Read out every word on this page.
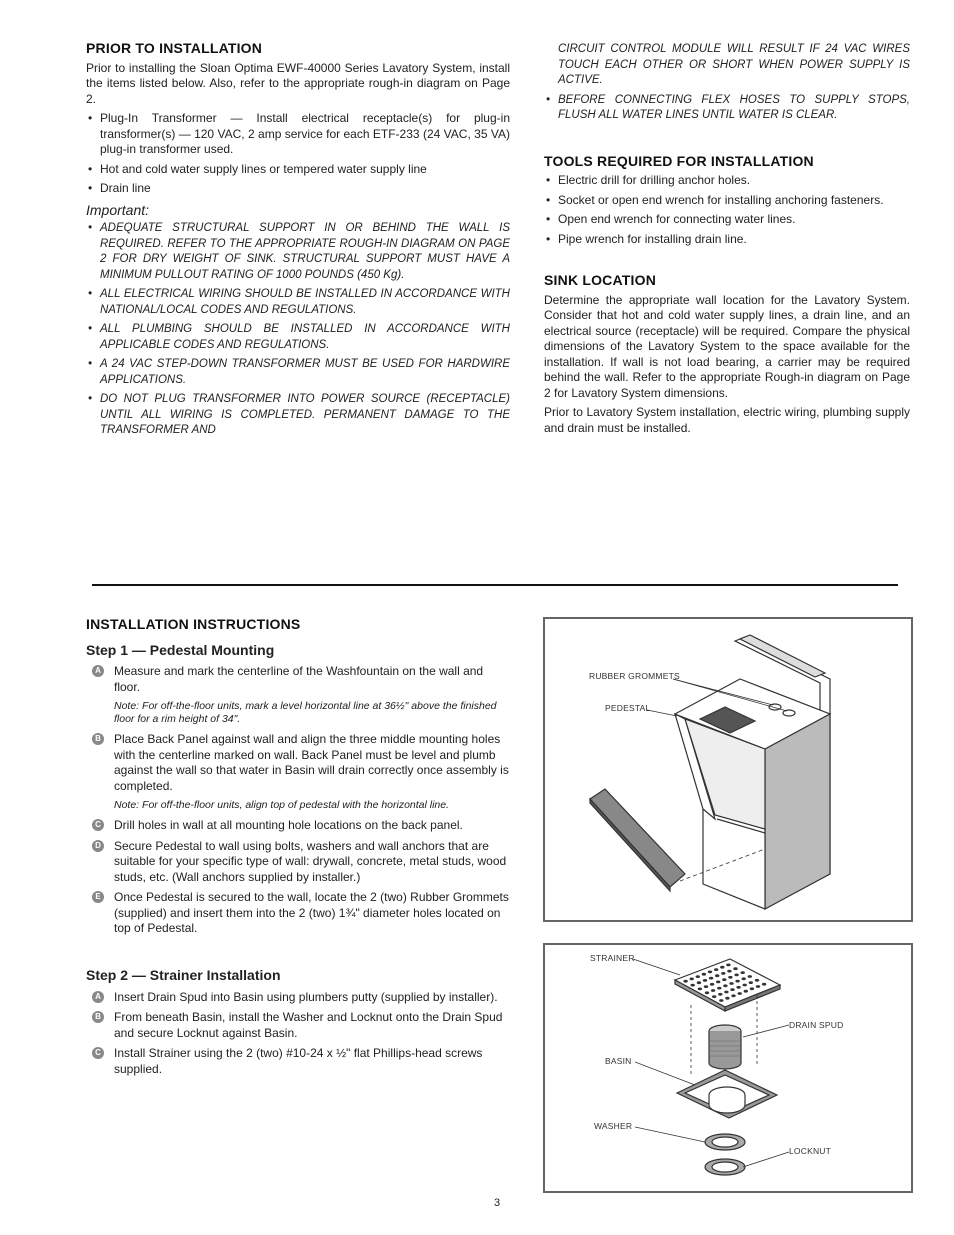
PRIOR TO INSTALLATION
Prior to installing the Sloan Optima EWF-40000 Series Lavatory System, install the items listed below. Also, refer to the appropriate rough-in diagram on Page 2.
• Plug-In Transformer — Install electrical receptacle(s) for plug-in transformer(s) — 120 VAC, 2 amp service for each ETF-233 (24 VAC, 35 VA) plug-in transformer used.
• Hot and cold water supply lines or tempered water supply line
• Drain line
Important:
• ADEQUATE STRUCTURAL SUPPORT IN OR BEHIND THE WALL IS REQUIRED. REFER TO THE APPROPRIATE ROUGH-IN DIAGRAM ON PAGE 2 FOR DRY WEIGHT OF SINK. STRUCTURAL SUPPORT MUST HAVE A MINIMUM PULLOUT RATING OF 1000 POUNDS (450 Kg).
• ALL ELECTRICAL WIRING SHOULD BE INSTALLED IN ACCORDANCE WITH NATIONAL/LOCAL CODES AND REGULATIONS.
• ALL PLUMBING SHOULD BE INSTALLED IN ACCORDANCE WITH APPLICABLE CODES AND REGULATIONS.
• A 24 VAC STEP-DOWN TRANSFORMER MUST BE USED FOR HARDWIRE APPLICATIONS.
• DO NOT PLUG TRANSFORMER INTO POWER SOURCE (RECEPTACLE) UNTIL ALL WIRING IS COMPLETED. PERMANENT DAMAGE TO THE TRANSFORMER AND
CIRCUIT CONTROL MODULE WILL RESULT IF 24 VAC WIRES TOUCH EACH OTHER OR SHORT WHEN POWER SUPPLY IS ACTIVE.
• BEFORE CONNECTING FLEX HOSES TO SUPPLY STOPS, FLUSH ALL WATER LINES UNTIL WATER IS CLEAR.
TOOLS REQUIRED FOR INSTALLATION
• Electric drill for drilling anchor holes.
• Socket or open end wrench for installing anchoring fasteners.
• Open end wrench for connecting water lines.
• Pipe wrench for installing drain line.
SINK LOCATION
Determine the appropriate wall location for the Lavatory System. Consider that hot and cold water supply lines, a drain line, and an electrical source (receptacle) will be required. Compare the physical dimensions of the Lavatory System to the space available for the installation. If wall is not load bearing, a carrier may be required behind the wall. Refer to the appropriate Rough-in diagram on Page 2 for Lavatory System dimensions.
Prior to Lavatory System installation, electric wiring, plumbing supply and drain must be installed.
INSTALLATION INSTRUCTIONS
Step 1 — Pedestal Mounting
A Measure and mark the centerline of the Washfountain on the wall and floor.
Note: For off-the-floor units, mark a level horizontal line at 36½" above the finished floor for a rim height of 34".
B Place Back Panel against wall and align the three middle mounting holes with the centerline marked on wall. Back Panel must be level and plumb against the wall so that water in Basin will drain correctly once assembly is completed.
Note: For off-the-floor units, align top of pedestal with the horizontal line.
C Drill holes in wall at all mounting hole locations on the back panel.
D Secure Pedestal to wall using bolts, washers and wall anchors that are suitable for your specific type of wall: drywall, concrete, metal studs, wood studs, etc. (Wall anchors supplied by installer.)
E Once Pedestal is secured to the wall, locate the 2 (two) Rubber Grommets (supplied) and insert them into the 2 (two) 1¾" diameter holes located on top of Pedestal.
Step 2 — Strainer Installation
A Insert Drain Spud into Basin using plumbers putty (supplied by installer).
B From beneath Basin, install the Washer and Locknut onto the Drain Spud and secure Locknut against Basin.
C Install Strainer using the 2 (two) #10-24 x ½" flat Phillips-head screws supplied.
RUBBER GROMMETS
PEDESTAL
STRAINER
DRAIN SPUD
BASIN
WASHER
LOCKNUT
3
